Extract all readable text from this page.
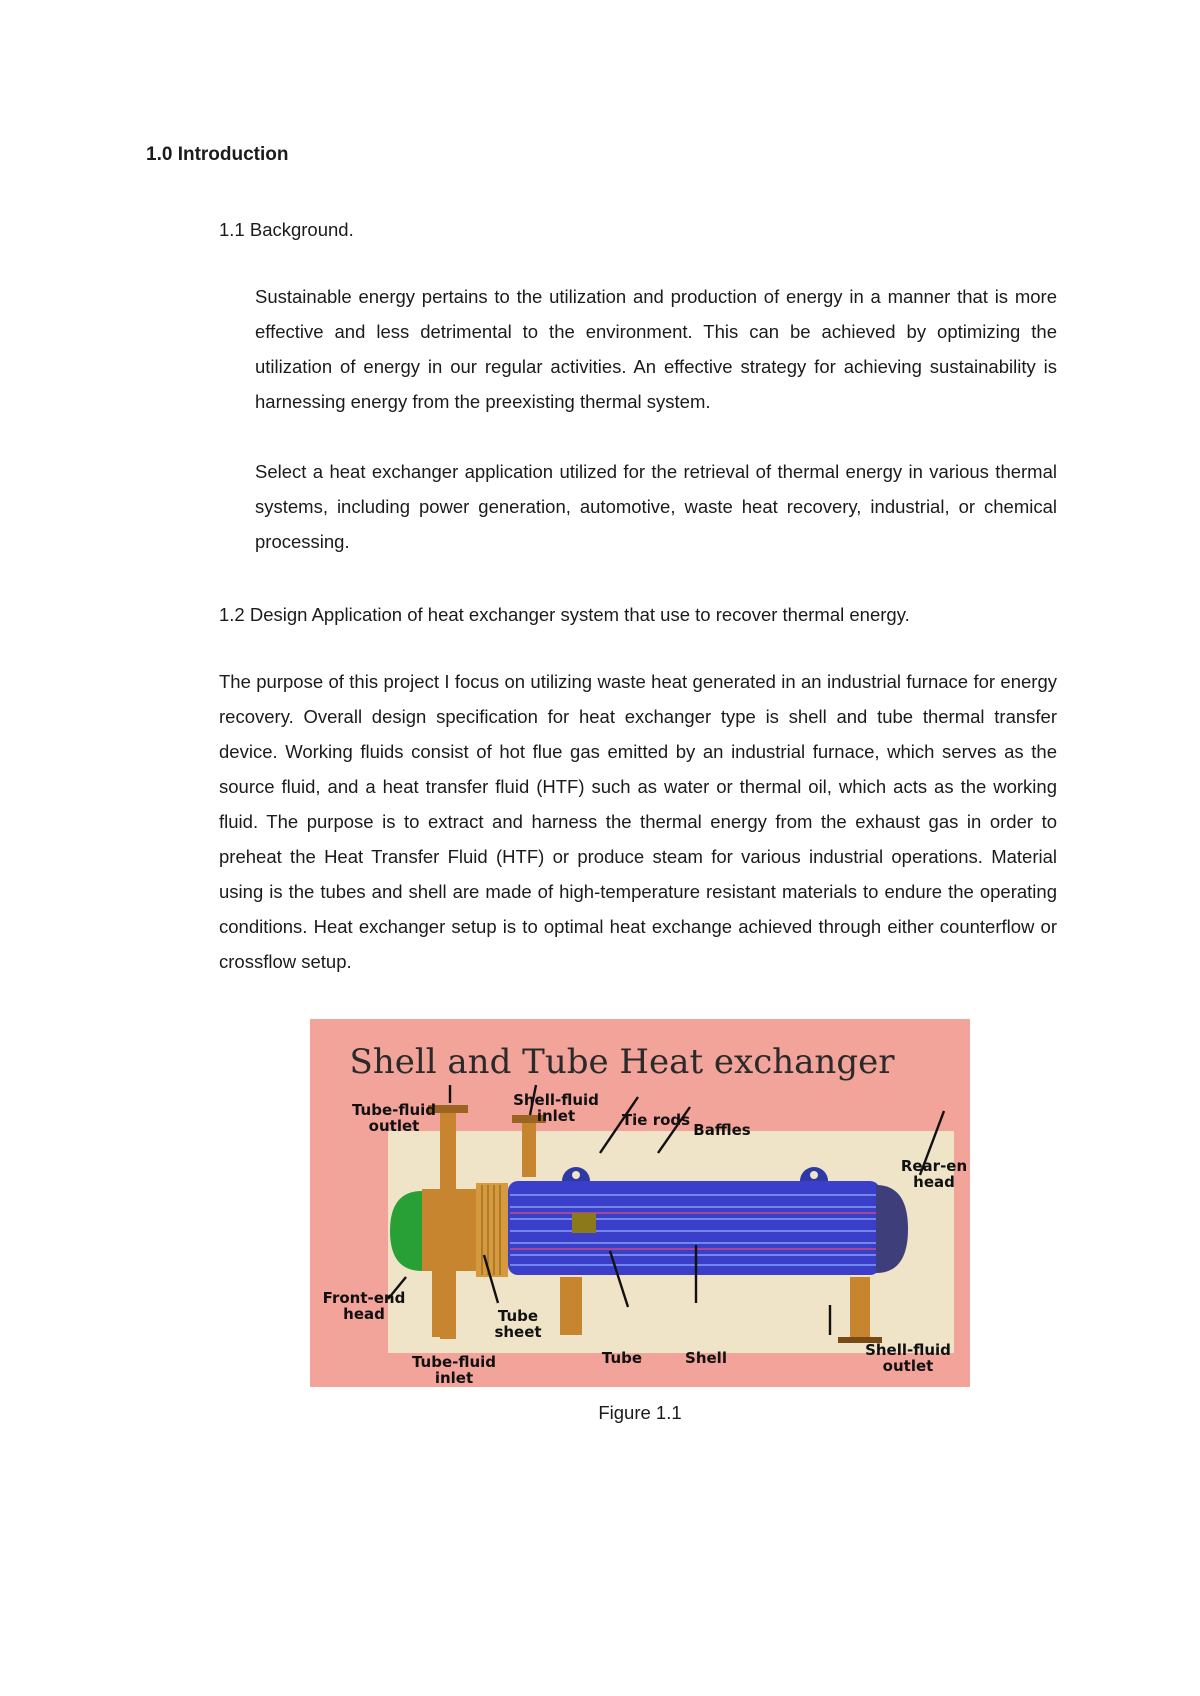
1.0 Introduction
1.1 Background.
Sustainable energy pertains to the utilization and production of energy in a manner that is more effective and less detrimental to the environment. This can be achieved by optimizing the utilization of energy in our regular activities. An effective strategy for achieving sustainability is harnessing energy from the preexisting thermal system.
Select a heat exchanger application utilized for the retrieval of thermal energy in various thermal systems, including power generation, automotive, waste heat recovery, industrial, or chemical processing.
1.2 Design Application of heat exchanger system that use to recover thermal energy.
The purpose of this project I focus on utilizing waste heat generated in an industrial furnace for energy recovery. Overall design specification for heat exchanger type is shell and tube thermal transfer device. Working fluids consist of hot flue gas emitted by an industrial furnace, which serves as the source fluid, and a heat transfer fluid (HTF) such as water or thermal oil, which acts as the working fluid. The purpose is to extract and harness the thermal energy from the exhaust gas in order to preheat the Heat Transfer Fluid (HTF) or produce steam for various industrial operations. Material using is the tubes and shell are made of high-temperature resistant materials to endure the operating conditions. Heat exchanger setup is to optimal heat exchange achieved through either counterflow or crossflow setup.
Shell and Tube Heat exchanger
Tube-fluid
outlet
Shell-fluid
inlet	Tie rods
Baffles
Rear-en
head
Front-end
head	Tube
sheet
Tube-fluid
inlet
Tube	Shell	Shell-fluid
outlet
Figure 1.1
